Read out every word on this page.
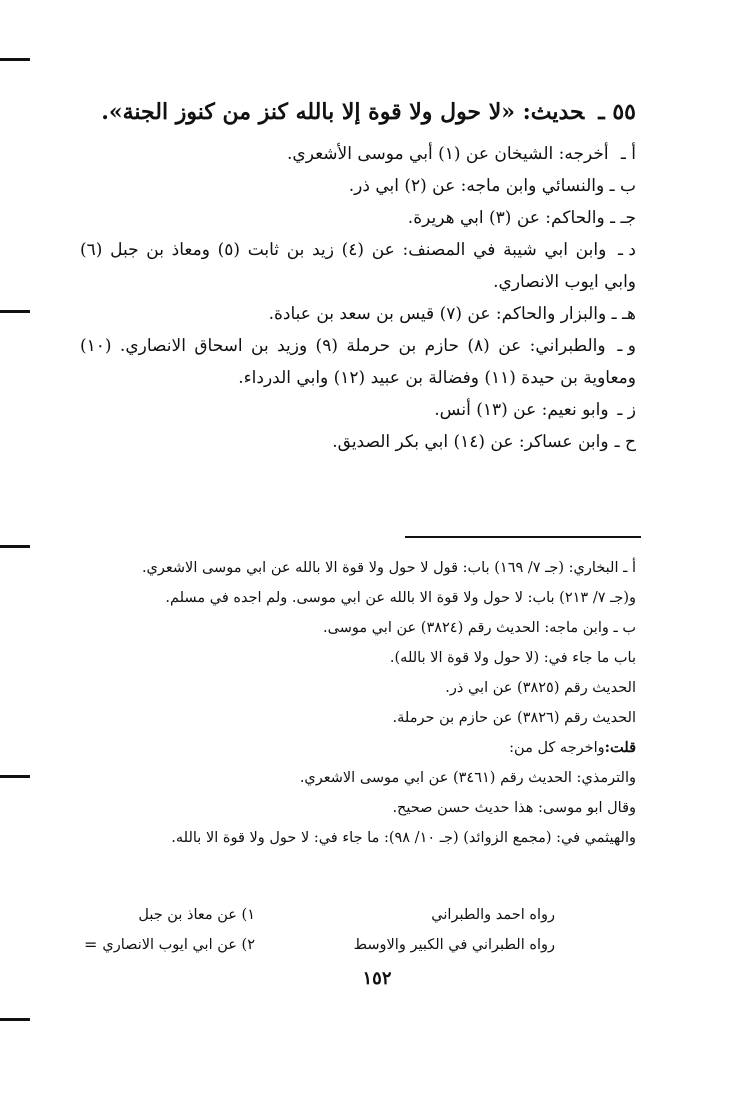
٥٥ ـحديث: «لا حول ولا قوة إلا بالله كنز من كنوز الجنة».

أ ـ أخرجه: الشيخان عن (١) أبي موسى الأشعري.

ب ـ والنسائي وابن ماجه: عن (٢) ابي ذر.

جـ ـ والحاكم: عن (٣) ابي هريرة.

د ـ وابن ابي شيبة في المصنف: عن (٤) زيد بن ثابت (٥) ومعاذ بن جبل (٦) وابي ايوب الانصاري.

هـ ـ والبزار والحاكم: عن (٧) قيس بن سعد بن عبادة.

و ـ والطبراني: عن (٨) حازم بن حرملة (٩) وزيد بن اسحاق الانصاري. (١٠) ومعاوية بن حيدة (١١) وفضالة بن عبيد (١٢) وابي الدرداء.

ز ـ وابو نعيم: عن (١٣) أنس.

ح ـ وابن عساكر: عن (١٤) ابي بكر الصديق.

أ ـ البخاري: (جـ ٧/ ١٦٩) باب: قول لا حول ولا قوة الا بالله عن ابي موسى الاشعري.

و(جـ ٧/ ٢١٣) باب: لا حول ولا قوة الا بالله عن ابي موسى. ولم اجده في مسلم.

ب ـ وابن ماجه: الحديث رقم (٣٨٢٤) عن ابي موسى.

باب ما جاء في: (لا حول ولا قوة الا بالله).

الحديث رقم (٣٨٢٥) عن ابي ذر.

الحديث رقم (٣٨٢٦) عن حازم بن حرملة.

قلت:واخرجه كل من:

والترمذي: الحديث رقم (٣٤٦١) عن ابي موسى الاشعري.

وقال ابو موسى: هذا حديث حسن صحيح.

والهيثمي في: (مجمع الزوائد) (جـ ١٠/ ٩٨): ما جاء في: لا حول ولا قوة الا بالله.

١) عن معاذ بن جبل	رواه احمد والطبراني
٢) عن ابي ايوب الانصاري	رواه الطبراني في الكبير والاوسط
=
١٥٢
